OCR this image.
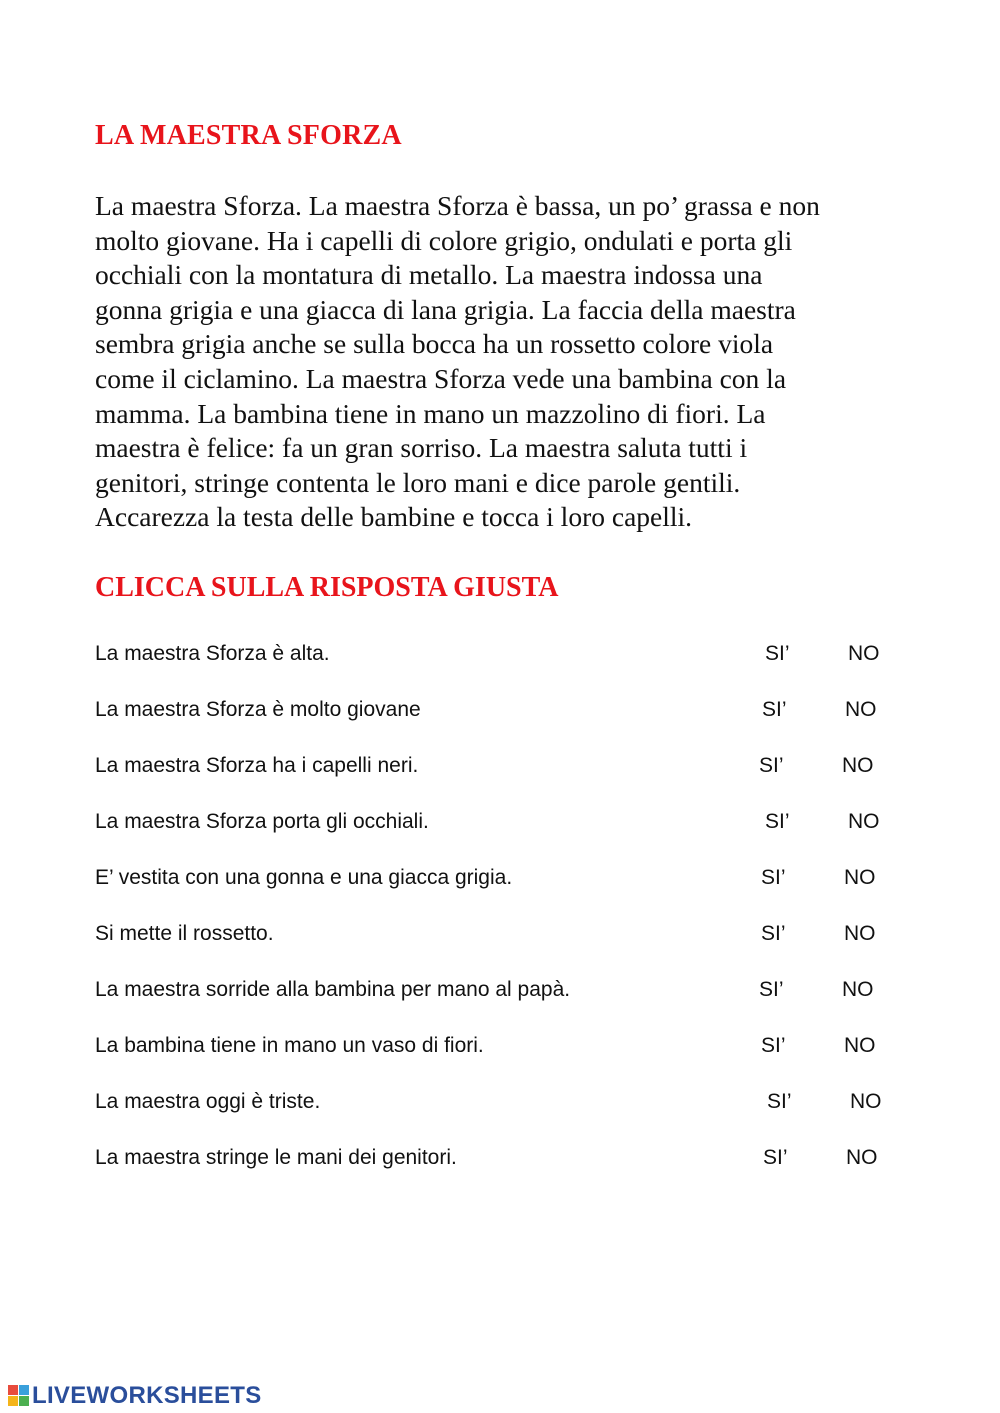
LA MAESTRA SFORZA
La maestra Sforza. La maestra Sforza è bassa, un po’ grassa e non
molto giovane. Ha i capelli di colore grigio, ondulati e porta gli
occhiali con la montatura di metallo. La maestra indossa una
gonna grigia e una giacca di lana grigia. La faccia della maestra
sembra grigia anche se sulla bocca ha un rossetto colore viola
come il ciclamino. La maestra Sforza vede una bambina con la
mamma. La bambina tiene in mano un mazzolino di fiori. La
maestra è felice: fa un gran sorriso. La maestra saluta tutti i
genitori, stringe contenta le loro mani e dice parole gentili.
Accarezza la testa delle bambine e tocca i loro capelli.
CLICCA SULLA RISPOSTA GIUSTA
La maestra Sforza è alta.	SI’	NO
La maestra Sforza è molto giovane	SI’	NO
La maestra Sforza ha i capelli neri.	SI’	NO
La maestra Sforza porta gli occhiali.	SI’	NO
E’ vestita con una gonna e una giacca grigia.	SI’	NO
Si mette il rossetto.	SI’	NO
La maestra sorride alla bambina per mano al papà.	SI’	NO
La bambina tiene in mano un vaso di fiori.	SI’	NO
La maestra oggi è triste.	SI’	NO
La maestra stringe le mani dei genitori.	SI’	NO
LIVEWORKSHEETS
